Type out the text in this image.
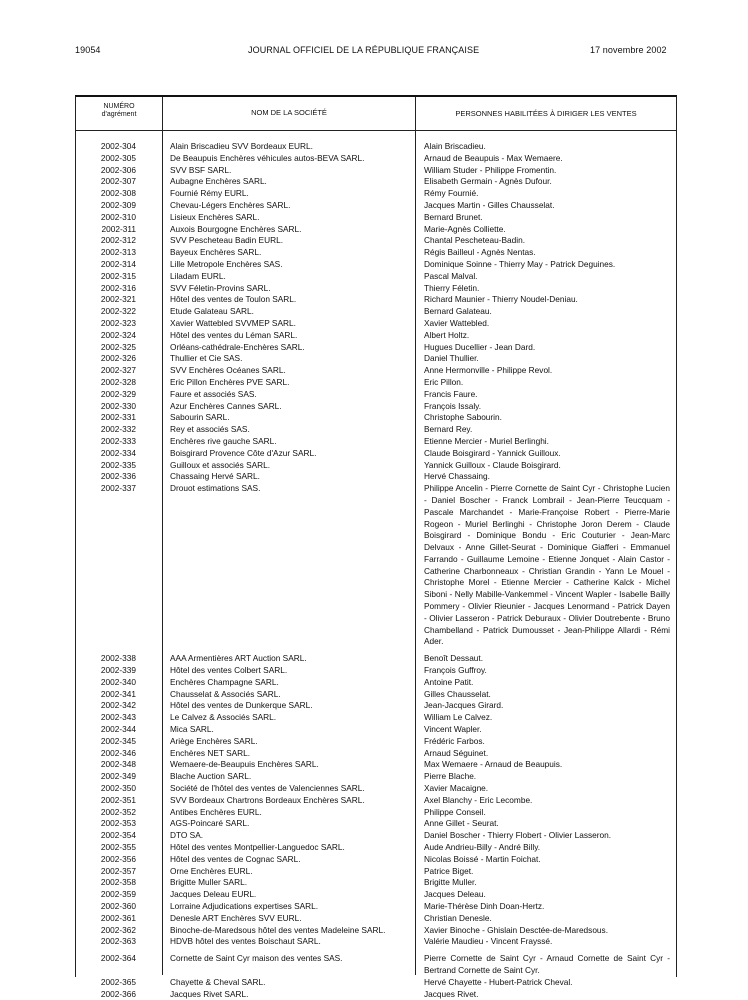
19054	JOURNAL OFFICIEL DE LA RÉPUBLIQUE FRANÇAISE	17 novembre 2002
NUMÉRO
d'agrément	NOM DE LA SOCIÉTÉ	PERSONNES HABILITÉES À DIRIGER LES VENTES
2002-304	Alain Briscadieu SVV Bordeaux EURL.	Alain Briscadieu.
2002-305	De Beaupuis Enchères véhicules autos-BEVA SARL.	Arnaud de Beaupuis - Max Wemaere.
2002-306	SVV BSF SARL.	William Studer - Philippe Fromentin.
2002-307	Aubagne Enchères SARL.	Elisabeth Germain - Agnès Dufour.
2002-308	Fournié Rémy EURL.	Rémy Fournié.
2002-309	Chevau-Légers Enchères SARL.	Jacques Martin - Gilles Chausselat.
2002-310	Lisieux Enchères SARL.	Bernard Brunet.
2002-311	Auxois Bourgogne Enchères SARL.	Marie-Agnès Colliette.
2002-312	SVV Pescheteau Badin EURL.	Chantal Pescheteau-Badin.
2002-313	Bayeux Enchères SARL.	Régis Bailleul - Agnès Nentas.
2002-314	Lille Metropole Enchères SAS.	Dominique Soinne - Thierry May - Patrick Deguines.
2002-315	Liladam EURL.	Pascal Malval.
2002-316	SVV Féletin-Provins SARL.	Thierry Féletin.
2002-321	Hôtel des ventes de Toulon SARL.	Richard Maunier - Thierry Noudel-Deniau.
2002-322	Etude Galateau SARL.	Bernard Galateau.
2002-323	Xavier Wattebled SVVMEP SARL.	Xavier Wattebled.
2002-324	Hôtel des ventes du Léman SARL.	Albert Holtz.
2002-325	Orléans-cathédrale-Enchères SARL.	Hugues Ducellier - Jean Dard.
2002-326	Thullier et Cie SAS.	Daniel Thullier.
2002-327	SVV Enchères Océanes SARL.	Anne Hermonville - Philippe Revol.
2002-328	Eric Pillon Enchères PVE SARL.	Eric Pillon.
2002-329	Faure et associés SAS.	Francis Faure.
2002-330	Azur Enchères Cannes SARL.	François Issaly.
2002-331	Sabourin SARL.	Christophe Sabourin.
2002-332	Rey et associés SAS.	Bernard Rey.
2002-333	Enchères rive gauche SARL.	Etienne Mercier - Muriel Berlinghi.
2002-334	Boisgirard Provence Côte d'Azur SARL.	Claude Boisgirard - Yannick Guilloux.
2002-335	Guilloux et associés SARL.	Yannick Guilloux - Claude Boisgirard.
2002-336	Chassaing Hervé SARL.	Hervé Chassaing.
2002-337	Drouot estimations SAS.	Philippe Ancelin - Pierre Cornette de Saint Cyr - Christophe Lucien - Daniel Boscher - Franck Lombrail - Jean-Pierre Teucquam - Pascale Marchandet - Marie-Françoise Robert - Pierre-Marie Rogeon - Muriel Berlinghi - Christophe Joron Derem - Claude Boisgirard - Dominique Bondu - Eric Couturier - Jean-Marc Delvaux - Anne Gillet-Seurat - Dominique Giafferi - Emmanuel Farrando - Guillaume Lemoine - Etienne Jonquet - Alain Castor - Catherine Charbonneaux - Christian Grandin - Yann Le Mouel - Christophe Morel - Etienne Mercier - Catherine Kalck - Michel Siboni - Nelly Mabille-Vankemmel - Vincent Wapler - Isabelle Bailly Pommery - Olivier Rieunier - Jacques Lenormand - Patrick Dayen - Olivier Lasseron - Patrick Deburaux - Olivier Doutrebente - Bruno Chambelland - Patrick Dumousset - Jean-Philippe Allardi - Rémi Ader.
2002-338	AAA Armentières ART Auction SARL.	Benoît Dessaut.
2002-339	Hôtel des ventes Colbert SARL.	François Guffroy.
2002-340	Enchères Champagne SARL.	Antoine Patit.
2002-341	Chausselat & Associés SARL.	Gilles Chausselat.
2002-342	Hôtel des ventes de Dunkerque SARL.	Jean-Jacques Girard.
2002-343	Le Calvez & Associés SARL.	William Le Calvez.
2002-344	Mica SARL.	Vincent Wapler.
2002-345	Ariège Enchères SARL.	Frédéric Farbos.
2002-346	Enchères NET SARL.	Arnaud Séguinet.
2002-348	Wemaere-de-Beaupuis Enchères SARL.	Max Wemaere - Arnaud de Beaupuis.
2002-349	Blache Auction SARL.	Pierre Blache.
2002-350	Société de l'hôtel des ventes de Valenciennes SARL.	Xavier Macaigne.
2002-351	SVV Bordeaux Chartrons Bordeaux Enchères SARL.	Axel Blanchy - Eric Lecombe.
2002-352	Antibes Enchères EURL.	Philippe Conseil.
2002-353	AGS-Poincaré SARL.	Anne Gillet - Seurat.
2002-354	DTO SA.	Daniel Boscher - Thierry Flobert - Olivier Lasseron.
2002-355	Hôtel des ventes Montpellier-Languedoc SARL.	Aude Andrieu-Billy - André Billy.
2002-356	Hôtel des ventes de Cognac SARL.	Nicolas Boissé - Martin Foichat.
2002-357	Orne Enchères EURL.	Patrice Biget.
2002-358	Brigitte Muller SARL.	Brigitte Muller.
2002-359	Jacques Deleau EURL.	Jacques Deleau.
2002-360	Lorraine Adjudications expertises SARL.	Marie-Thérèse Dinh Doan-Hertz.
2002-361	Denesle ART Enchères SVV EURL.	Christian Denesle.
2002-362	Binoche-de-Maredsous hôtel des ventes Madeleine SARL.	Xavier Binoche - Ghislain Desctée-de-Maredsous.
2002-363	HDVB hôtel des ventes Boischaut SARL.	Valérie Maudieu - Vincent Frayssé.
2002-364	Cornette de Saint Cyr maison des ventes SAS.	Pierre Cornette de Saint Cyr - Arnaud Cornette de Saint Cyr - Bertrand Cornette de Saint Cyr.
2002-365	Chayette & Cheval SARL.	Hervé Chayette - Hubert-Patrick Cheval.
2002-366	Jacques Rivet SARL.	Jacques Rivet.
